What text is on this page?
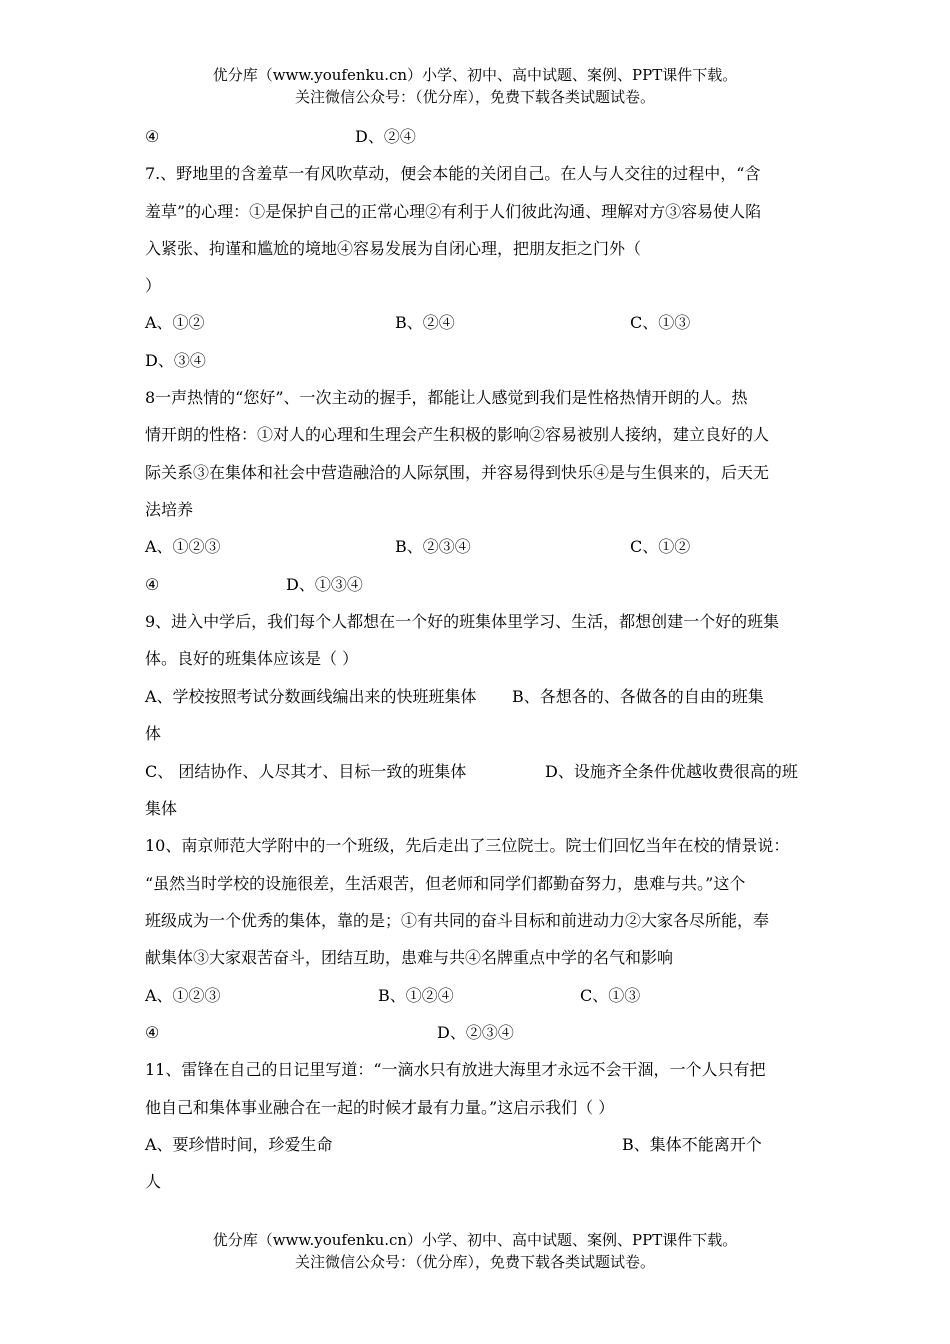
优分库（www.youfenku.cn）小学、初中、高中试题、案例、PPT课件下载。
关注微信公众号：（优分库），免费下载各类试题试卷。
④	D、②④
7.、野地里的含羞草一有风吹草动，便会本能的关闭自己。在人与人交往的过程中，“含
羞草”的心理：①是保护自己的正常心理②有利于人们彼此沟通、理解对方③容易使人陷
入紧张、拘谨和尴尬的境地④容易发展为自闭心理，把朋友拒之门外（
）
A、①②	B、②④	C、①③
D、③④
8一声热情的“您好”、一次主动的握手，都能让人感觉到我们是性格热情开朗的人。热
情开朗的性格：①对人的心理和生理会产生积极的影响②容易被别人接纳，建立良好的人
际关系③在集体和社会中营造融洽的人际氛围，并容易得到快乐④是与生俱来的，后天无
法培养
A、①②③	B、②③④	C、①②
④	D、①③④
9、进入中学后，我们每个人都想在一个好的班集体里学习、生活，都想创建一个好的班集
体。良好的班集体应该是（ ）
A、学校按照考试分数画线编出来的快班班集体 B、各想各的、各做各的自由的班集
体
C、 团结协作、人尽其才、目标一致的班集体	D、设施齐全条件优越收费很高的班
集体
10、南京师范大学附中的一个班级，先后走出了三位院士。院士们回忆当年在校的情景说：
“虽然当时学校的设施很差，生活艰苦，但老师和同学们都勤奋努力，患难与共。”这个
班级成为一个优秀的集体，靠的是；①有共同的奋斗目标和前进动力②大家各尽所能，奉
献集体③大家艰苦奋斗，团结互助，患难与共④名牌重点中学的名气和影响
A、①②③	B、①②④	C、①③
④	D、②③④
11、雷锋在自己的日记里写道：“一滴水只有放进大海里才永远不会干涸，一个人只有把
他自己和集体事业融合在一起的时候才最有力量。”这启示我们（ ）
A、要珍惜时间，珍爱生命	B、集体不能离开个
人
优分库（www.youfenku.cn）小学、初中、高中试题、案例、PPT课件下载。
关注微信公众号：（优分库），免费下载各类试题试卷。
